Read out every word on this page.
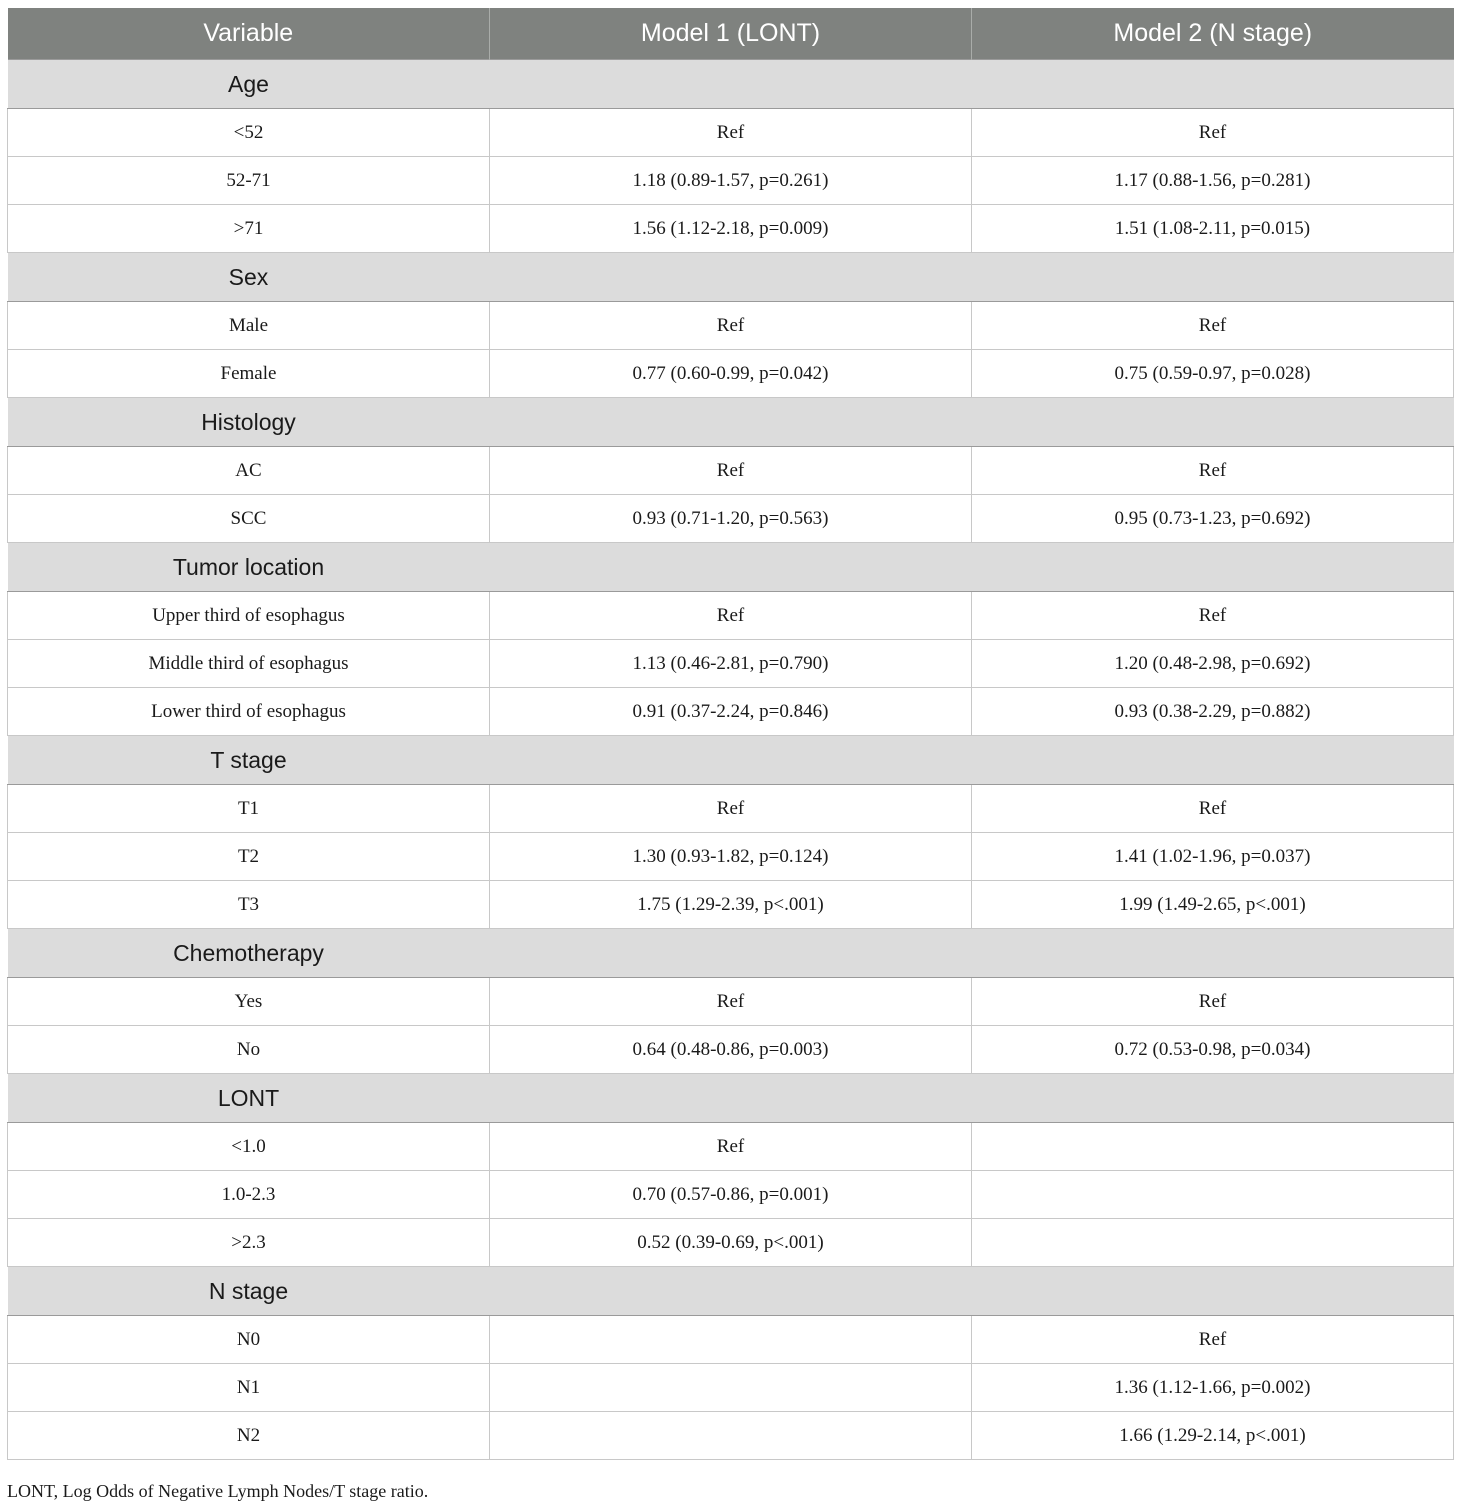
Variable	Model 1 (LONT)	Model 2 (N stage)
Age		
<52	Ref	Ref
52-71	1.18 (0.89-1.57, p=0.261)	1.17 (0.88-1.56, p=0.281)
>71	1.56 (1.12-2.18, p=0.009)	1.51 (1.08-2.11, p=0.015)
Sex		
Male	Ref	Ref
Female	0.77 (0.60-0.99, p=0.042)	0.75 (0.59-0.97, p=0.028)
Histology		
AC	Ref	Ref
SCC	0.93 (0.71-1.20, p=0.563)	0.95 (0.73-1.23, p=0.692)
Tumor location		
Upper third of esophagus	Ref	Ref
Middle third of esophagus	1.13 (0.46-2.81, p=0.790)	1.20 (0.48-2.98, p=0.692)
Lower third of esophagus	0.91 (0.37-2.24, p=0.846)	0.93 (0.38-2.29, p=0.882)
T stage		
T1	Ref	Ref
T2	1.30 (0.93-1.82, p=0.124)	1.41 (1.02-1.96, p=0.037)
T3	1.75 (1.29-2.39, p<.001)	1.99 (1.49-2.65, p<.001)
Chemotherapy		
Yes	Ref	Ref
No	0.64 (0.48-0.86, p=0.003)	0.72 (0.53-0.98, p=0.034)
LONT		
<1.0	Ref	
1.0-2.3	0.70 (0.57-0.86, p=0.001)	
>2.3	0.52 (0.39-0.69, p<.001)	
N stage		
N0		Ref
N1		1.36 (1.12-1.66, p=0.002)
N2		1.66 (1.29-2.14, p<.001)
LONT, Log Odds of Negative Lymph Nodes/T stage ratio.
